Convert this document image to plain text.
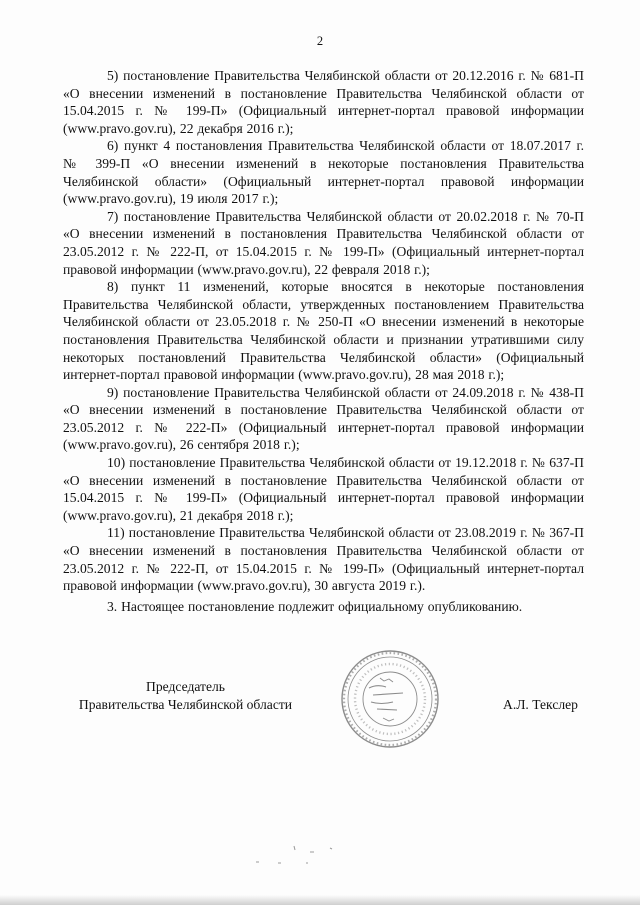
2

5) постановление Правительства Челябинской области от 20.12.2016 г. № 681-П «О внесении изменений в постановление Правительства Челябинской области от 15.04.2015 г. № 199-П» (Официальный интернет-портал правовой информации (www.pravo.gov.ru), 22 декабря 2016 г.);

6) пункт 4 постановления Правительства Челябинской области от 18.07.2017 г. № 399-П «О внесении изменений в некоторые постановления Правительства Челябинской области» (Официальный интернет-портал правовой информации (www.pravo.gov.ru), 19 июля 2017 г.);

7) постановление Правительства Челябинской области от 20.02.2018 г. № 70-П «О внесении изменений в постановления Правительства Челябинской области от 23.05.2012 г. № 222-П, от 15.04.2015 г. № 199-П» (Официальный интернет-портал правовой информации (www.pravo.gov.ru), 22 февраля 2018 г.);

8) пункт 11 изменений, которые вносятся в некоторые постановления Правительства Челябинской области, утвержденных постановлением Правительства Челябинской области от 23.05.2018 г. № 250-П «О внесении изменений в некоторые постановления Правительства Челябинской области и признании утратившими силу некоторых постановлений Правительства Челябинской области» (Официальный интернет-портал правовой информации (www.pravo.gov.ru), 28 мая 2018 г.);

9) постановление Правительства Челябинской области от 24.09.2018 г. № 438-П «О внесении изменений в постановление Правительства Челябинской области от 23.05.2012 г. № 222-П» (Официальный интернет-портал правовой информации (www.pravo.gov.ru), 26 сентября 2018 г.);

10) постановление Правительства Челябинской области от 19.12.2018 г. № 637-П «О внесении изменений в постановление Правительства Челябинской области от 15.04.2015 г. № 199-П» (Официальный интернет-портал правовой информации (www.pravo.gov.ru), 21 декабря 2018 г.);

11) постановление Правительства Челябинской области от 23.08.2019 г. № 367-П «О внесении изменений в постановления Правительства Челябинской области от 23.05.2012 г. № 222-П, от 15.04.2015 г. № 199-П» (Официальный интернет-портал правовой информации (www.pravo.gov.ru), 30 августа 2019 г.).

3. Настоящее постановление подлежит официальному опубликованию.

Председатель
Правительства Челябинской области	А.Л. Текслер
